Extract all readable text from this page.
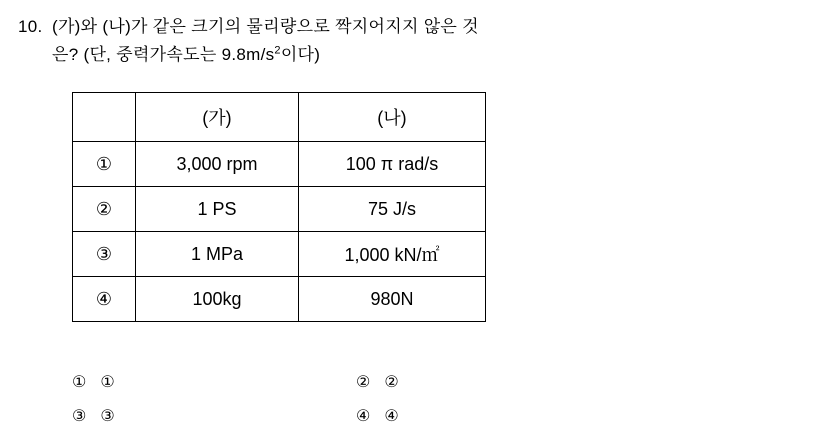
10. (가)와 (나)가 같은 크기의 물리량으로 짝지어지지 않은 것
은? (단, 중력가속도는 $9.8m/s^2$이다)
	(가)	(나)
①	3,000 rpm	100 π rad/s
②	1 PS	75 J/s
③	1 MPa	1,000 kN/㎡
④	100kg	980N
① ①	② ②
③ ③	④ ④
